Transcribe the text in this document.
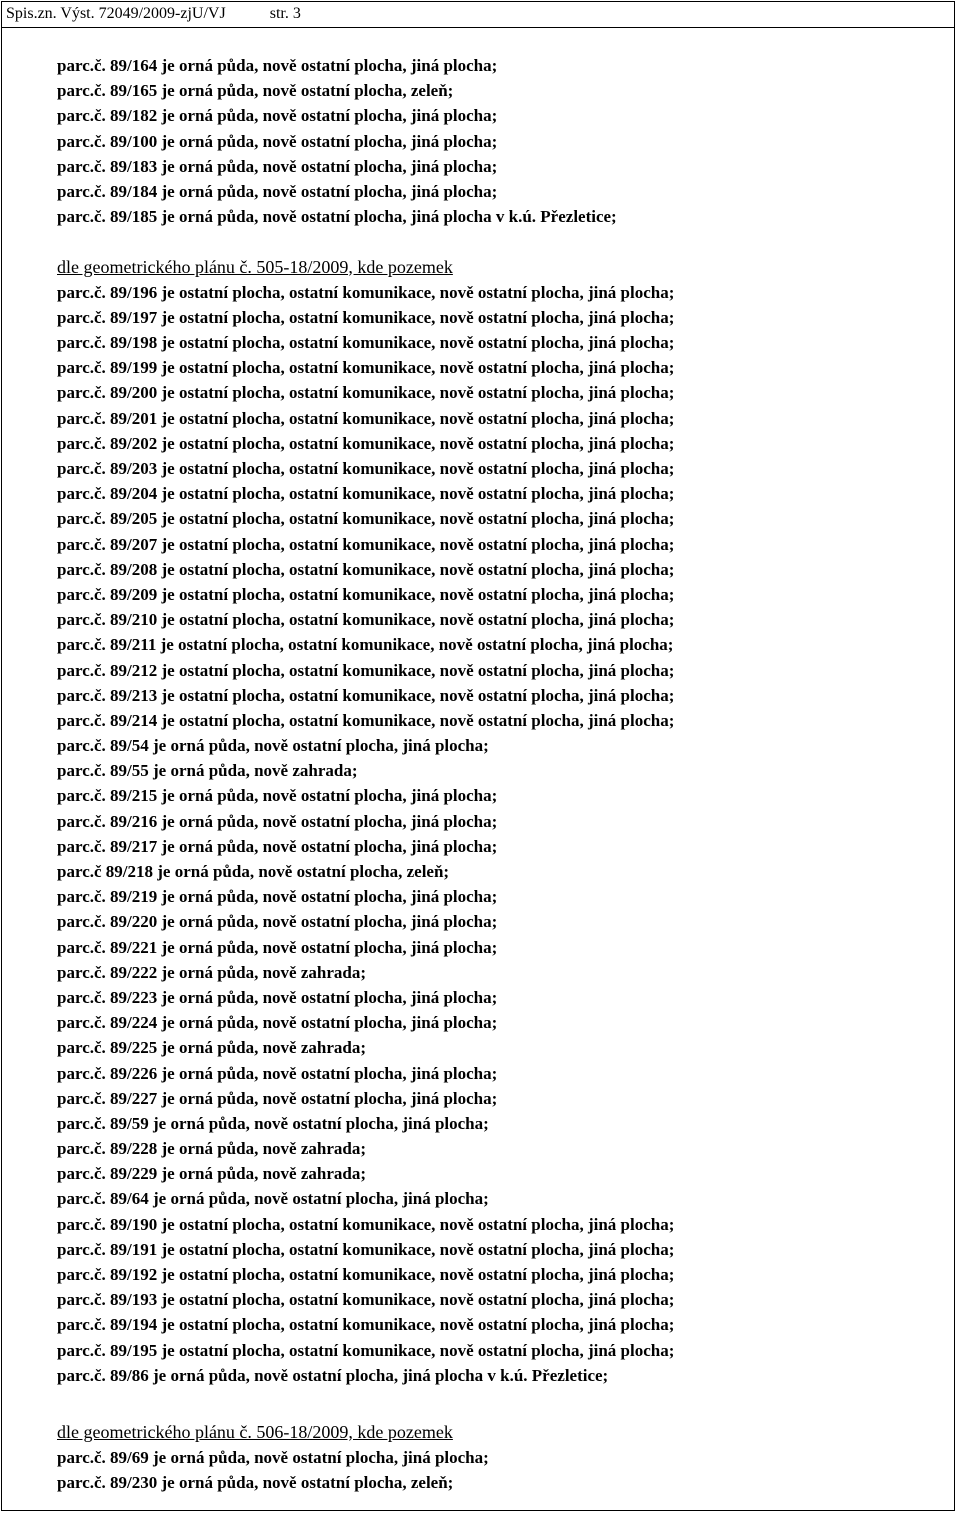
Spis.zn. Výst. 72049/2009-zjU/VJ	str. 3
parc.č. 89/164 je orná půda, nově ostatní plocha, jiná plocha;
parc.č. 89/165 je orná půda, nově ostatní plocha, zeleň;
parc.č. 89/182 je orná půda, nově ostatní plocha, jiná plocha;
parc.č. 89/100 je orná půda, nově ostatní plocha, jiná plocha;
parc.č. 89/183 je orná půda, nově ostatní plocha, jiná plocha;
parc.č. 89/184 je orná půda, nově ostatní plocha, jiná plocha;
parc.č. 89/185 je orná půda, nově ostatní plocha, jiná plocha v k.ú. Přezletice;
dle geometrického plánu č. 505-18/2009, kde pozemek
parc.č. 89/196 je ostatní plocha, ostatní komunikace, nově ostatní plocha, jiná plocha;
parc.č. 89/197 je ostatní plocha, ostatní komunikace, nově ostatní plocha, jiná plocha;
parc.č. 89/198 je ostatní plocha, ostatní komunikace, nově ostatní plocha, jiná plocha;
parc.č. 89/199 je ostatní plocha, ostatní komunikace, nově ostatní plocha, jiná plocha;
parc.č. 89/200 je ostatní plocha, ostatní komunikace, nově ostatní plocha, jiná plocha;
parc.č. 89/201 je ostatní plocha, ostatní komunikace, nově ostatní plocha, jiná plocha;
parc.č. 89/202 je ostatní plocha, ostatní komunikace, nově ostatní plocha, jiná plocha;
parc.č. 89/203 je ostatní plocha, ostatní komunikace, nově ostatní plocha, jiná plocha;
parc.č. 89/204 je ostatní plocha, ostatní komunikace, nově ostatní plocha, jiná plocha;
parc.č. 89/205 je ostatní plocha, ostatní komunikace, nově ostatní plocha, jiná plocha;
parc.č. 89/207 je ostatní plocha, ostatní komunikace, nově ostatní plocha, jiná plocha;
parc.č. 89/208 je ostatní plocha, ostatní komunikace, nově ostatní plocha, jiná plocha;
parc.č. 89/209 je ostatní plocha, ostatní komunikace, nově ostatní plocha, jiná plocha;
parc.č. 89/210 je ostatní plocha, ostatní komunikace, nově ostatní plocha, jiná plocha;
parc.č. 89/211 je ostatní plocha, ostatní komunikace, nově ostatní plocha, jiná plocha;
parc.č. 89/212 je ostatní plocha, ostatní komunikace, nově ostatní plocha, jiná plocha;
parc.č. 89/213 je ostatní plocha, ostatní komunikace, nově ostatní plocha, jiná plocha;
parc.č. 89/214 je ostatní plocha, ostatní komunikace, nově ostatní plocha, jiná plocha;
parc.č. 89/54 je orná půda, nově ostatní plocha, jiná plocha;
parc.č. 89/55 je orná půda, nově zahrada;
parc.č. 89/215 je orná půda, nově ostatní plocha, jiná plocha;
parc.č. 89/216 je orná půda, nově ostatní plocha, jiná plocha;
parc.č. 89/217 je orná půda, nově ostatní plocha, jiná plocha;
parc.č 89/218 je orná půda, nově ostatní plocha, zeleň;
parc.č. 89/219 je orná půda, nově ostatní plocha, jiná plocha;
parc.č. 89/220 je orná půda, nově ostatní plocha, jiná plocha;
parc.č. 89/221 je orná půda, nově ostatní plocha, jiná plocha;
parc.č. 89/222 je orná půda, nově zahrada;
parc.č. 89/223 je orná půda, nově ostatní plocha, jiná plocha;
parc.č. 89/224 je orná půda, nově ostatní plocha, jiná plocha;
parc.č. 89/225 je orná půda, nově zahrada;
parc.č. 89/226 je orná půda, nově ostatní plocha, jiná plocha;
parc.č. 89/227 je orná půda, nově ostatní plocha, jiná plocha;
parc.č. 89/59 je orná půda, nově ostatní plocha, jiná plocha;
parc.č. 89/228 je orná půda, nově zahrada;
parc.č. 89/229 je orná půda, nově zahrada;
parc.č. 89/64 je orná půda, nově ostatní plocha, jiná plocha;
parc.č. 89/190 je ostatní plocha, ostatní komunikace, nově ostatní plocha, jiná plocha;
parc.č. 89/191 je ostatní plocha, ostatní komunikace, nově ostatní plocha, jiná plocha;
parc.č. 89/192 je ostatní plocha, ostatní komunikace, nově ostatní plocha, jiná plocha;
parc.č. 89/193 je ostatní plocha, ostatní komunikace, nově ostatní plocha, jiná plocha;
parc.č. 89/194 je ostatní plocha, ostatní komunikace, nově ostatní plocha, jiná plocha;
parc.č. 89/195 je ostatní plocha, ostatní komunikace, nově ostatní plocha, jiná plocha;
parc.č. 89/86 je orná půda, nově ostatní plocha, jiná plocha v k.ú. Přezletice;
dle geometrického plánu č. 506-18/2009, kde pozemek
parc.č. 89/69 je orná půda, nově ostatní plocha, jiná plocha;
parc.č. 89/230 je orná půda, nově ostatní plocha, zeleň;
